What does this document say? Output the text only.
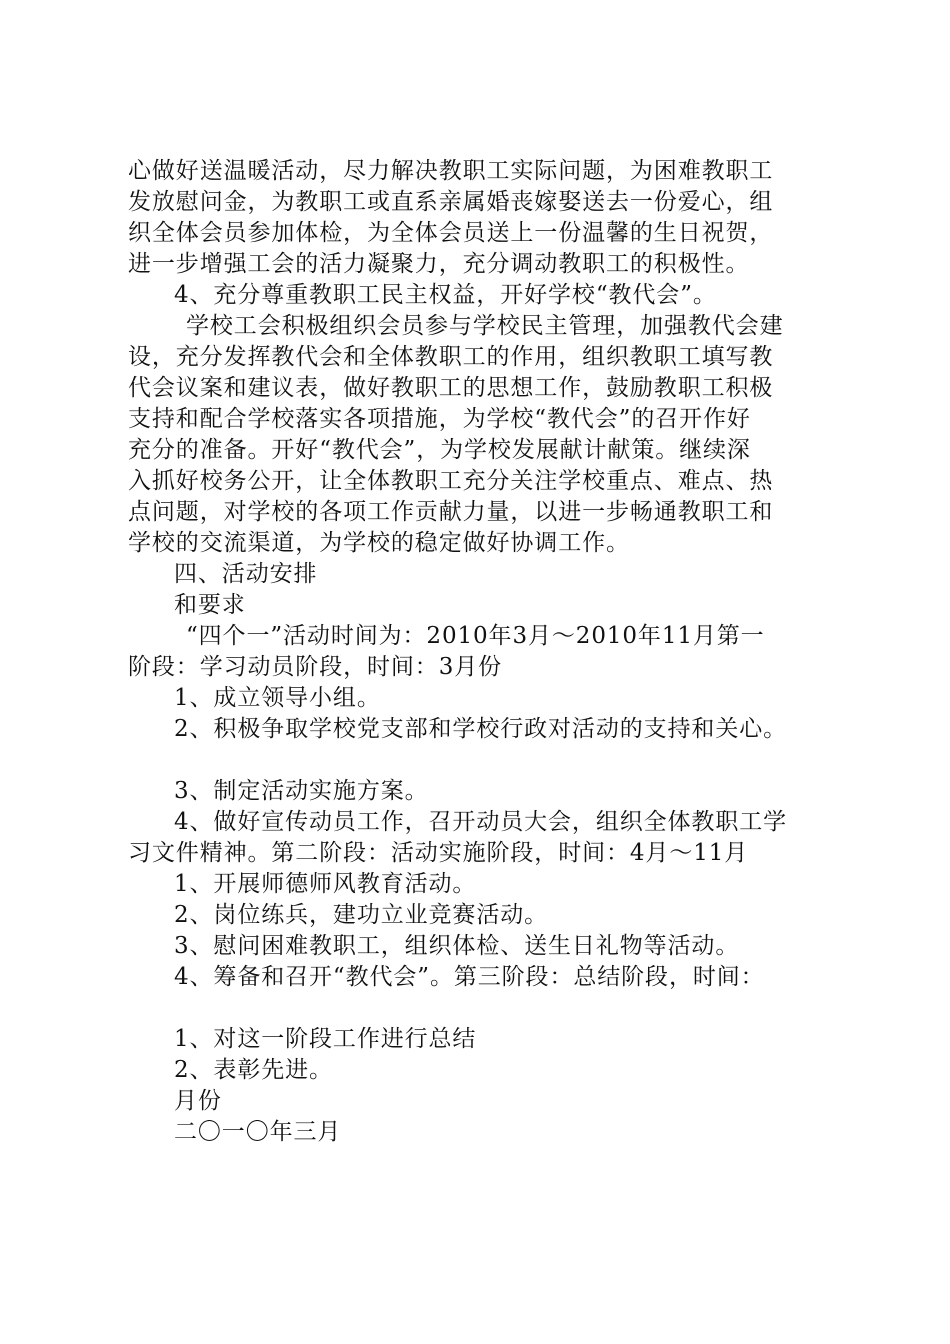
心做好送温暖活动，尽力解决教职工实际问题，为困难教职工
发放慰问金，为教职工或直系亲属婚丧嫁娶送去一份爱心，组
织全体会员参加体检，为全体会员送上一份温馨的生日祝贺，
进一步增强工会的活力凝聚力，充分调动教职工的积极性。
4、充分尊重教职工民主权益，开好学校“教代会”。
学校工会积极组织会员参与学校民主管理，加强教代会建
设，充分发挥教代会和全体教职工的作用，组织教职工填写教
代会议案和建议表，做好教职工的思想工作，鼓励教职工积极
支持和配合学校落实各项措施，为学校“教代会”的召开作好
充分的准备。开好“教代会”，为学校发展献计献策。继续深
入抓好校务公开，让全体教职工充分关注学校重点、难点、热
点问题，对学校的各项工作贡献力量，以进一步畅通教职工和
学校的交流渠道，为学校的稳定做好协调工作。
四、活动安排
和要求
“四个一”活动时间为：2010年3月～2010年11月第一
阶段：学习动员阶段，时间：3月份
1、成立领导小组。
2、积极争取学校党支部和学校行政对活动的支持和关心。
3、制定活动实施方案。
4、做好宣传动员工作，召开动员大会，组织全体教职工学
习文件精神。第二阶段：活动实施阶段，时间：4月～11月
1、开展师德师风教育活动。
2、岗位练兵，建功立业竞赛活动。
3、慰问困难教职工，组织体检、送生日礼物等活动。
4、筹备和召开“教代会”。第三阶段：总结阶段，时间：
1、对这一阶段工作进行总结
2、表彰先进。
月份
二〇一〇年三月
